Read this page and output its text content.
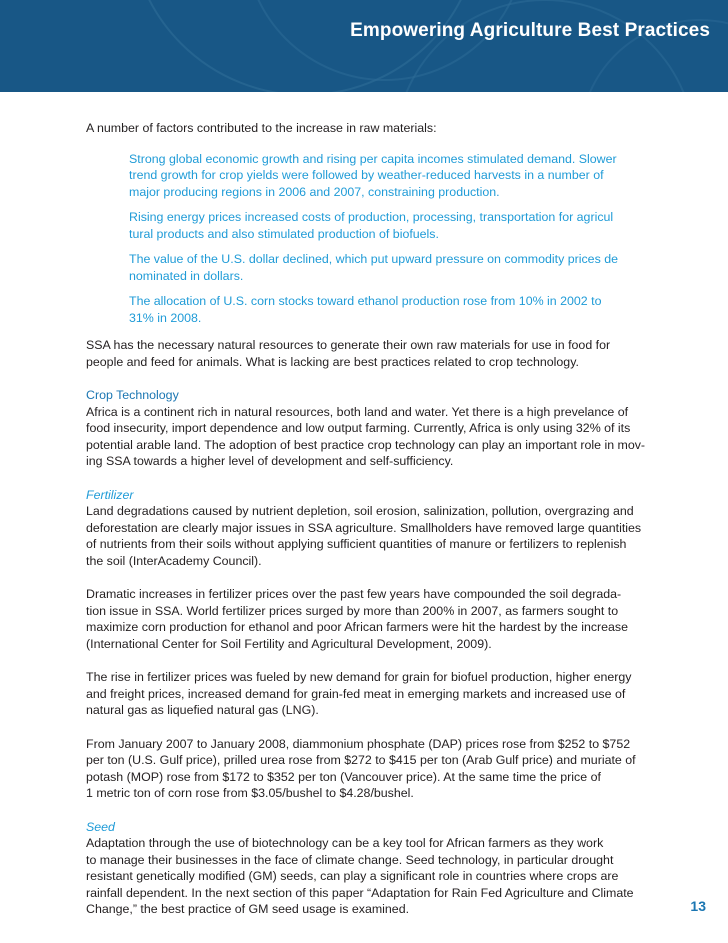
Empowering Agriculture Best Practices

A number of factors contributed to the increase in raw materials:

Strong global economic growth and rising per capita incomes stimulated demand. Slower
trend growth for crop yields were followed by weather-reduced harvests in a number of
major producing regions in 2006 and 2007, constraining production.

Rising energy prices increased costs of production, processing, transportation for agricul
tural products and also stimulated production of biofuels.

The value of the U.S. dollar declined, which put upward pressure on commodity prices de
nominated in dollars.

The allocation of U.S. corn stocks toward ethanol production rose from 10% in 2002 to
31% in 2008.

SSA has the necessary natural resources to generate their own raw materials for use in food for
people and feed for animals. What is lacking are best practices related to crop technology.

Crop Technology
Africa is a continent rich in natural resources, both land and water. Yet there is a high prevelance of
food insecurity, import dependence and low output farming. Currently, Africa is only using 32% of its
potential arable land. The adoption of best practice crop technology can play an important role in mov-
ing SSA towards a higher level of development and self-sufficiency.

Fertilizer
Land degradations caused by nutrient depletion, soil erosion, salinization, pollution, overgrazing and
deforestation are clearly major issues in SSA agriculture. Smallholders have removed large quantities
of nutrients from their soils without applying sufficient quantities of manure or fertilizers to replenish
the soil (InterAcademy Council).

Dramatic increases in fertilizer prices over the past few years have compounded the soil degrada-
tion issue in SSA. World fertilizer prices surged by more than 200% in 2007, as farmers sought to
maximize corn production for ethanol and poor African farmers were hit the hardest by the increase
(International Center for Soil Fertility and Agricultural Development, 2009).

The rise in fertilizer prices was fueled by new demand for grain for biofuel production, higher energy
and freight prices, increased demand for grain-fed meat in emerging markets and increased use of
natural gas as liquefied natural gas (LNG).

From January 2007 to January 2008, diammonium phosphate (DAP) prices rose from $252 to $752
per ton (U.S. Gulf price), prilled urea rose from $272 to $415 per ton (Arab Gulf price) and muriate of
potash (MOP) rose from $172 to $352 per ton (Vancouver price). At the same time the price of
1 metric ton of corn rose from $3.05/bushel to $4.28/bushel.

Seed
Adaptation through the use of biotechnology can be a key tool for African farmers as they work
to manage their businesses in the face of climate change. Seed technology, in particular drought
resistant genetically modified (GM) seeds, can play a significant role in countries where crops are
rainfall dependent. In the next section of this paper “Adaptation for Rain Fed Agriculture and Climate
Change,” the best practice of GM seed usage is examined.	13
